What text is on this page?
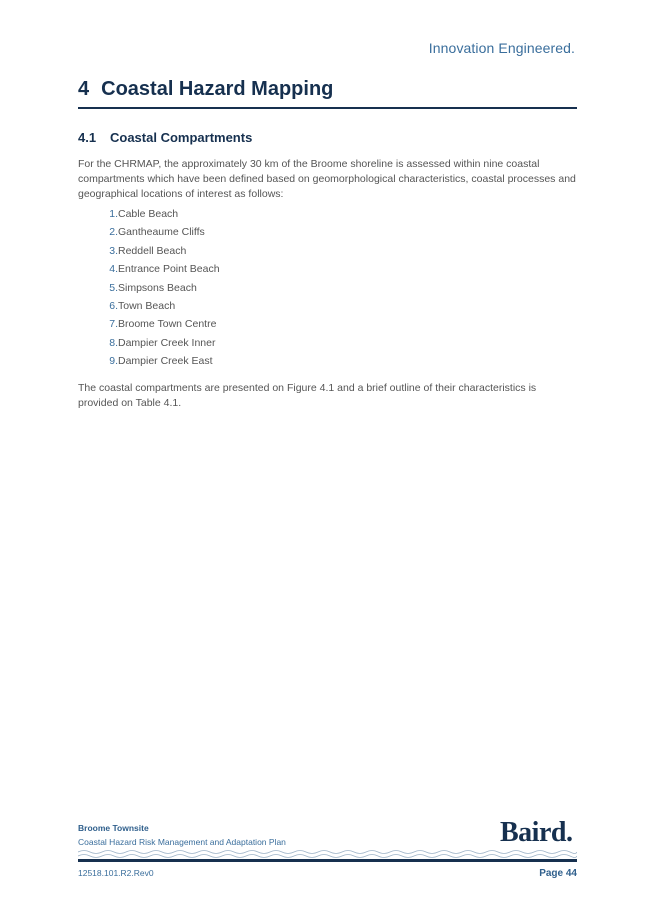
Innovation Engineered.
4 Coastal Hazard Mapping
4.1 Coastal Compartments

For the CHRMAP, the approximately 30 km of the Broome shoreline is assessed within nine coastal compartments which have been defined based on geomorphological characteristics, coastal processes and geographical locations of interest as follows:

1.Cable Beach
2.Gantheaume Cliffs
3.Reddell Beach
4.Entrance Point Beach
5.Simpsons Beach
6.Town Beach
7.Broome Town Centre
8.Dampier Creek Inner
9.Dampier Creek East

The coastal compartments are presented on Figure 4.1 and a brief outline of their characteristics is provided on Table 4.1.

Broome Townsite
Coastal Hazard Risk Management and Adaptation Plan	Baird.
12518.101.R2.Rev0	Page 44
